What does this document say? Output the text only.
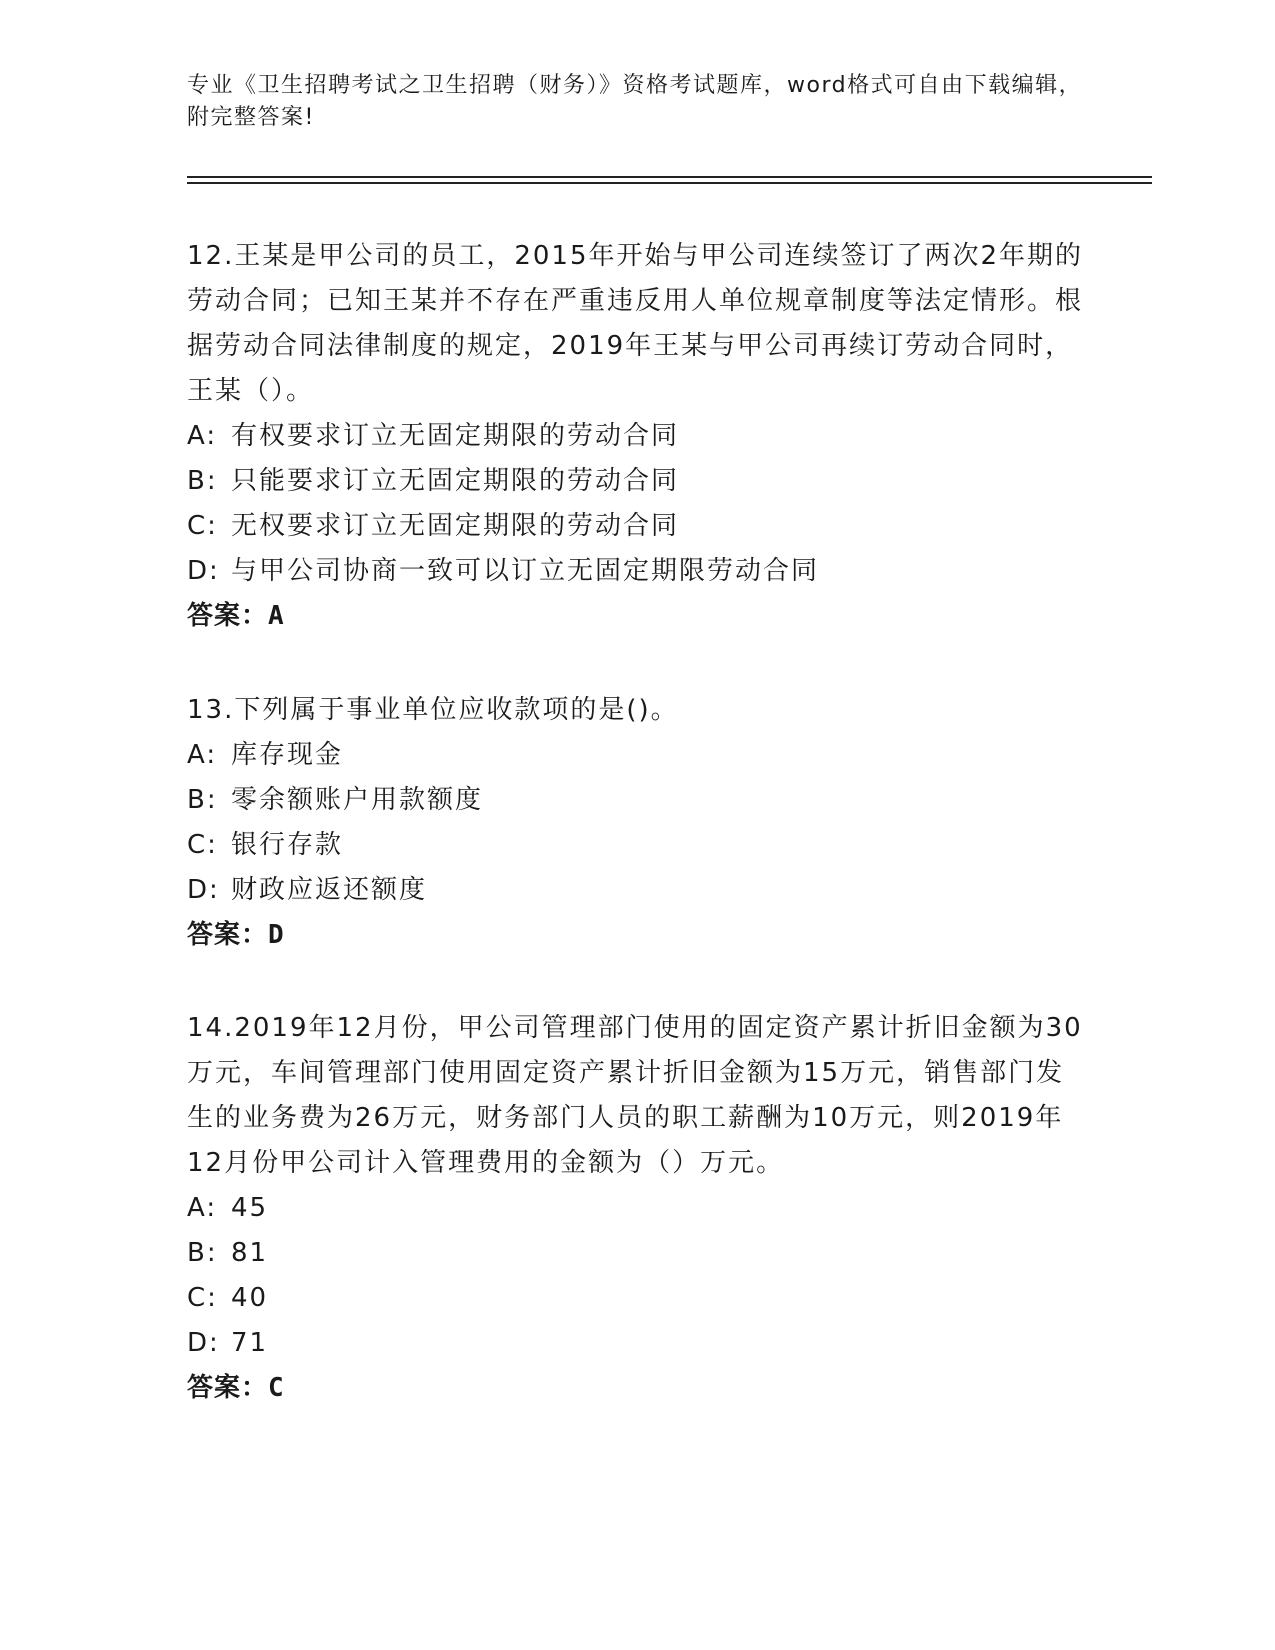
专业《卫生招聘考试之卫生招聘（财务）》资格考试题库，word格式可自由下载编辑，附完整答案!
12.王某是甲公司的员工，2015年开始与甲公司连续签订了两次2年期的劳动合同；已知王某并不存在严重违反用人单位规章制度等法定情形。根据劳动合同法律制度的规定，2019年王某与甲公司再续订劳动合同时，王某（）。
A: 有权要求订立无固定期限的劳动合同
B: 只能要求订立无固定期限的劳动合同
C: 无权要求订立无固定期限的劳动合同
D: 与甲公司协商一致可以订立无固定期限劳动合同
答案：A
13.下列属于事业单位应收款项的是()。
A: 库存现金
B: 零余额账户用款额度
C: 银行存款
D: 财政应返还额度
答案：D
14.2019年12月份，甲公司管理部门使用的固定资产累计折旧金额为30万元，车间管理部门使用固定资产累计折旧金额为15万元，销售部门发生的业务费为26万元，财务部门人员的职工薪酬为10万元，则2019年12月份甲公司计入管理费用的金额为（）万元。
A: 45
B: 81
C: 40
D: 71
答案：C
